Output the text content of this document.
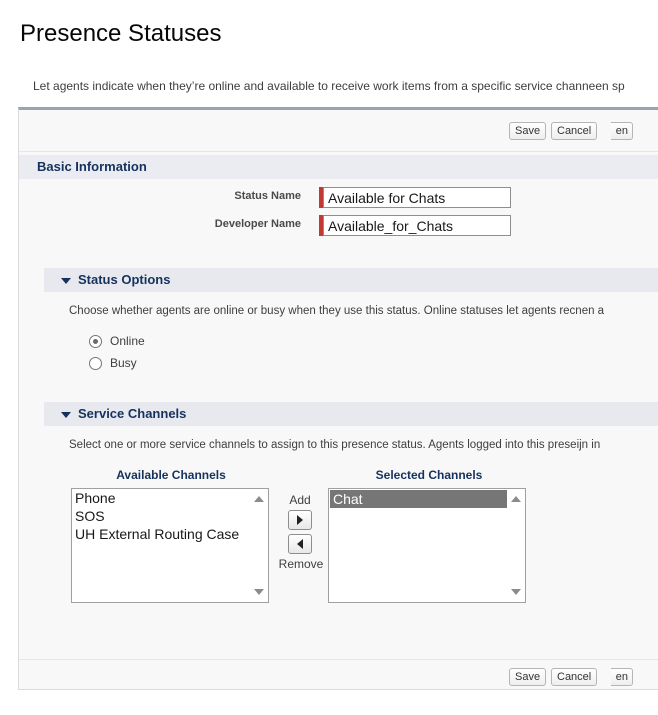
Presence Statuses
Let agents indicate when they’re online and available to receive work items from a specific service channeen sp
Save	Cancel	en
Basic Information
Status Name
Available for Chats
Developer Name
Available_for_Chats
Status Options
Choose whether agents are online or busy when they use this status. Online statuses let agents recnen a
Online
Busy
Service Channels
Select one or more service channels to assign to this presence status. Agents logged into this preseijn in
Available Channels	Selected Channels
Phone
SOS
UH External Routing Case
Add
Remove
Chat
Save	Cancel	en
